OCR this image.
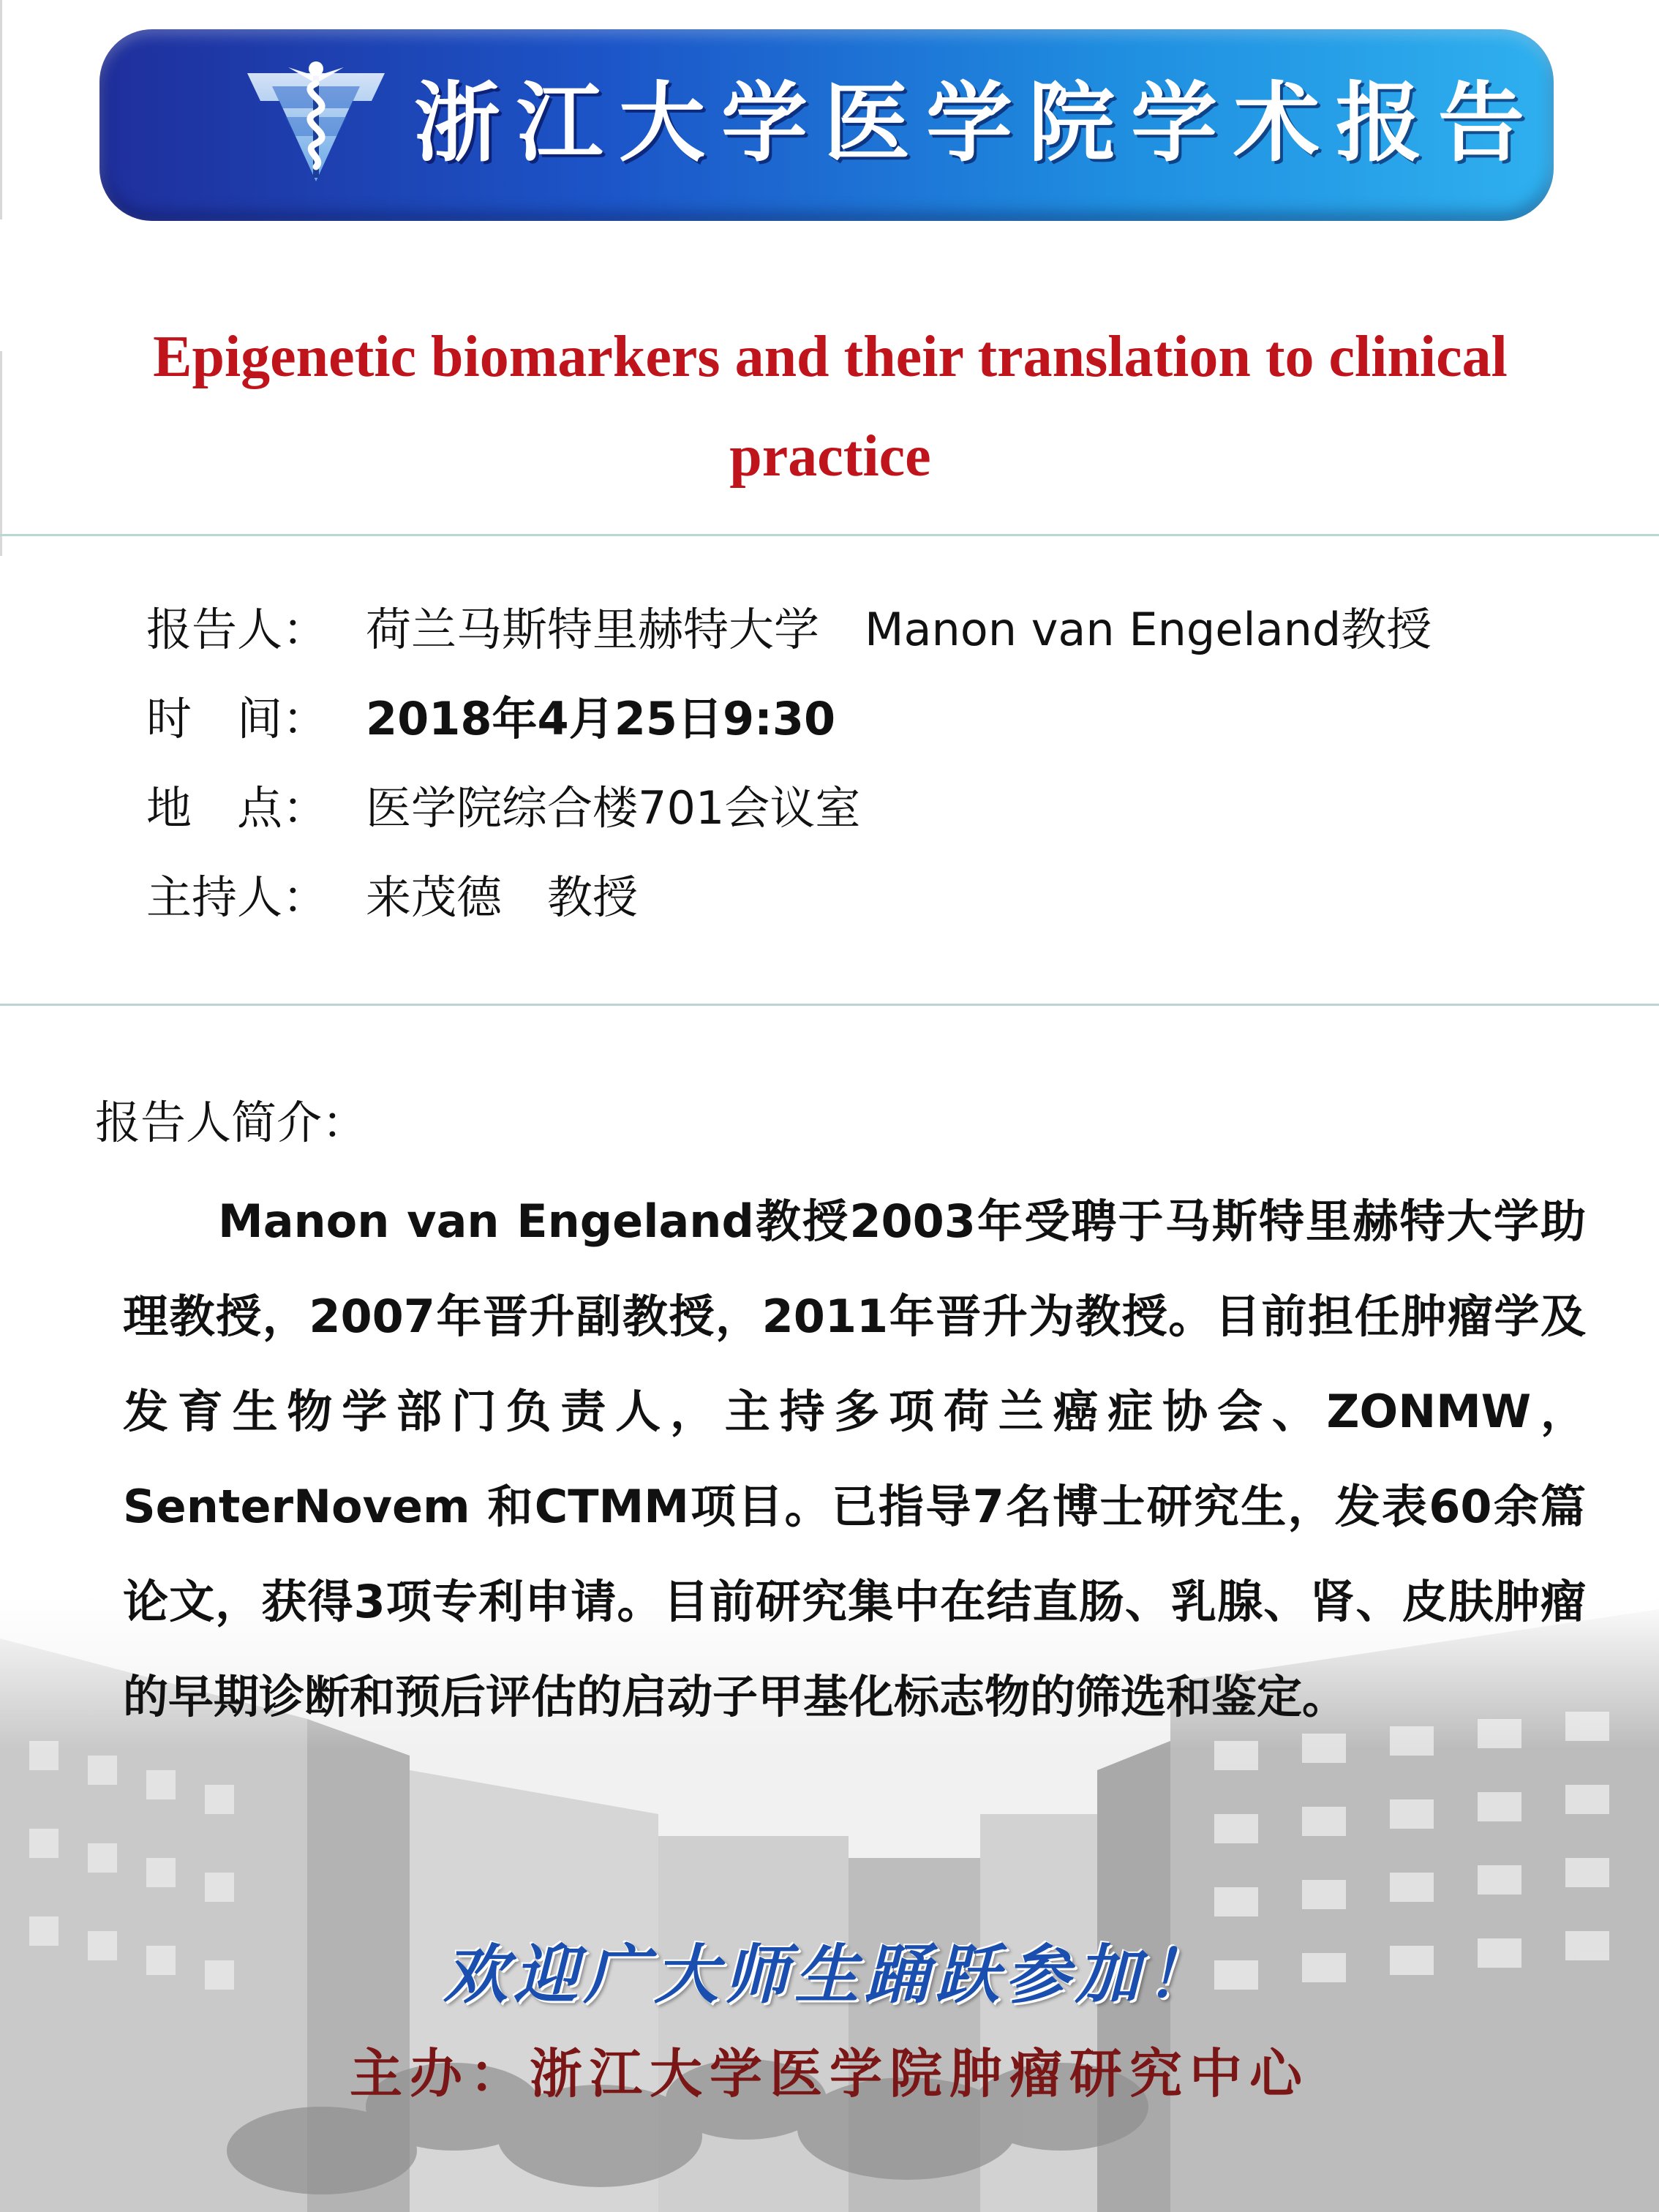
浙江大学医学院学术报告
Epigenetic biomarkers and their translation to clinical practice
报告人： 荷兰马斯特里赫特大学　Manon van Engeland教授
时　间： 2018年4月25日9:30
地　点： 医学院综合楼701会议室
主持人： 来茂德　教授
报告人简介：
Manon van Engeland教授2003年受聘于马斯特里赫特大学助理教授，2007年晋升副教授，2011年晋升为教授。目前担任肿瘤学及发育生物学部门负责人，主持多项荷兰癌症协会、ZONMW，SenterNovem 和CTMM项目。已指导7名博士研究生，发表60余篇论文，获得3项专利申请。目前研究集中在结直肠、乳腺、肾、皮肤肿瘤的早期诊断和预后评估的启动子甲基化标志物的筛选和鉴定。
欢迎广大师生踊跃参加！
主办：浙江大学医学院肿瘤研究中心
